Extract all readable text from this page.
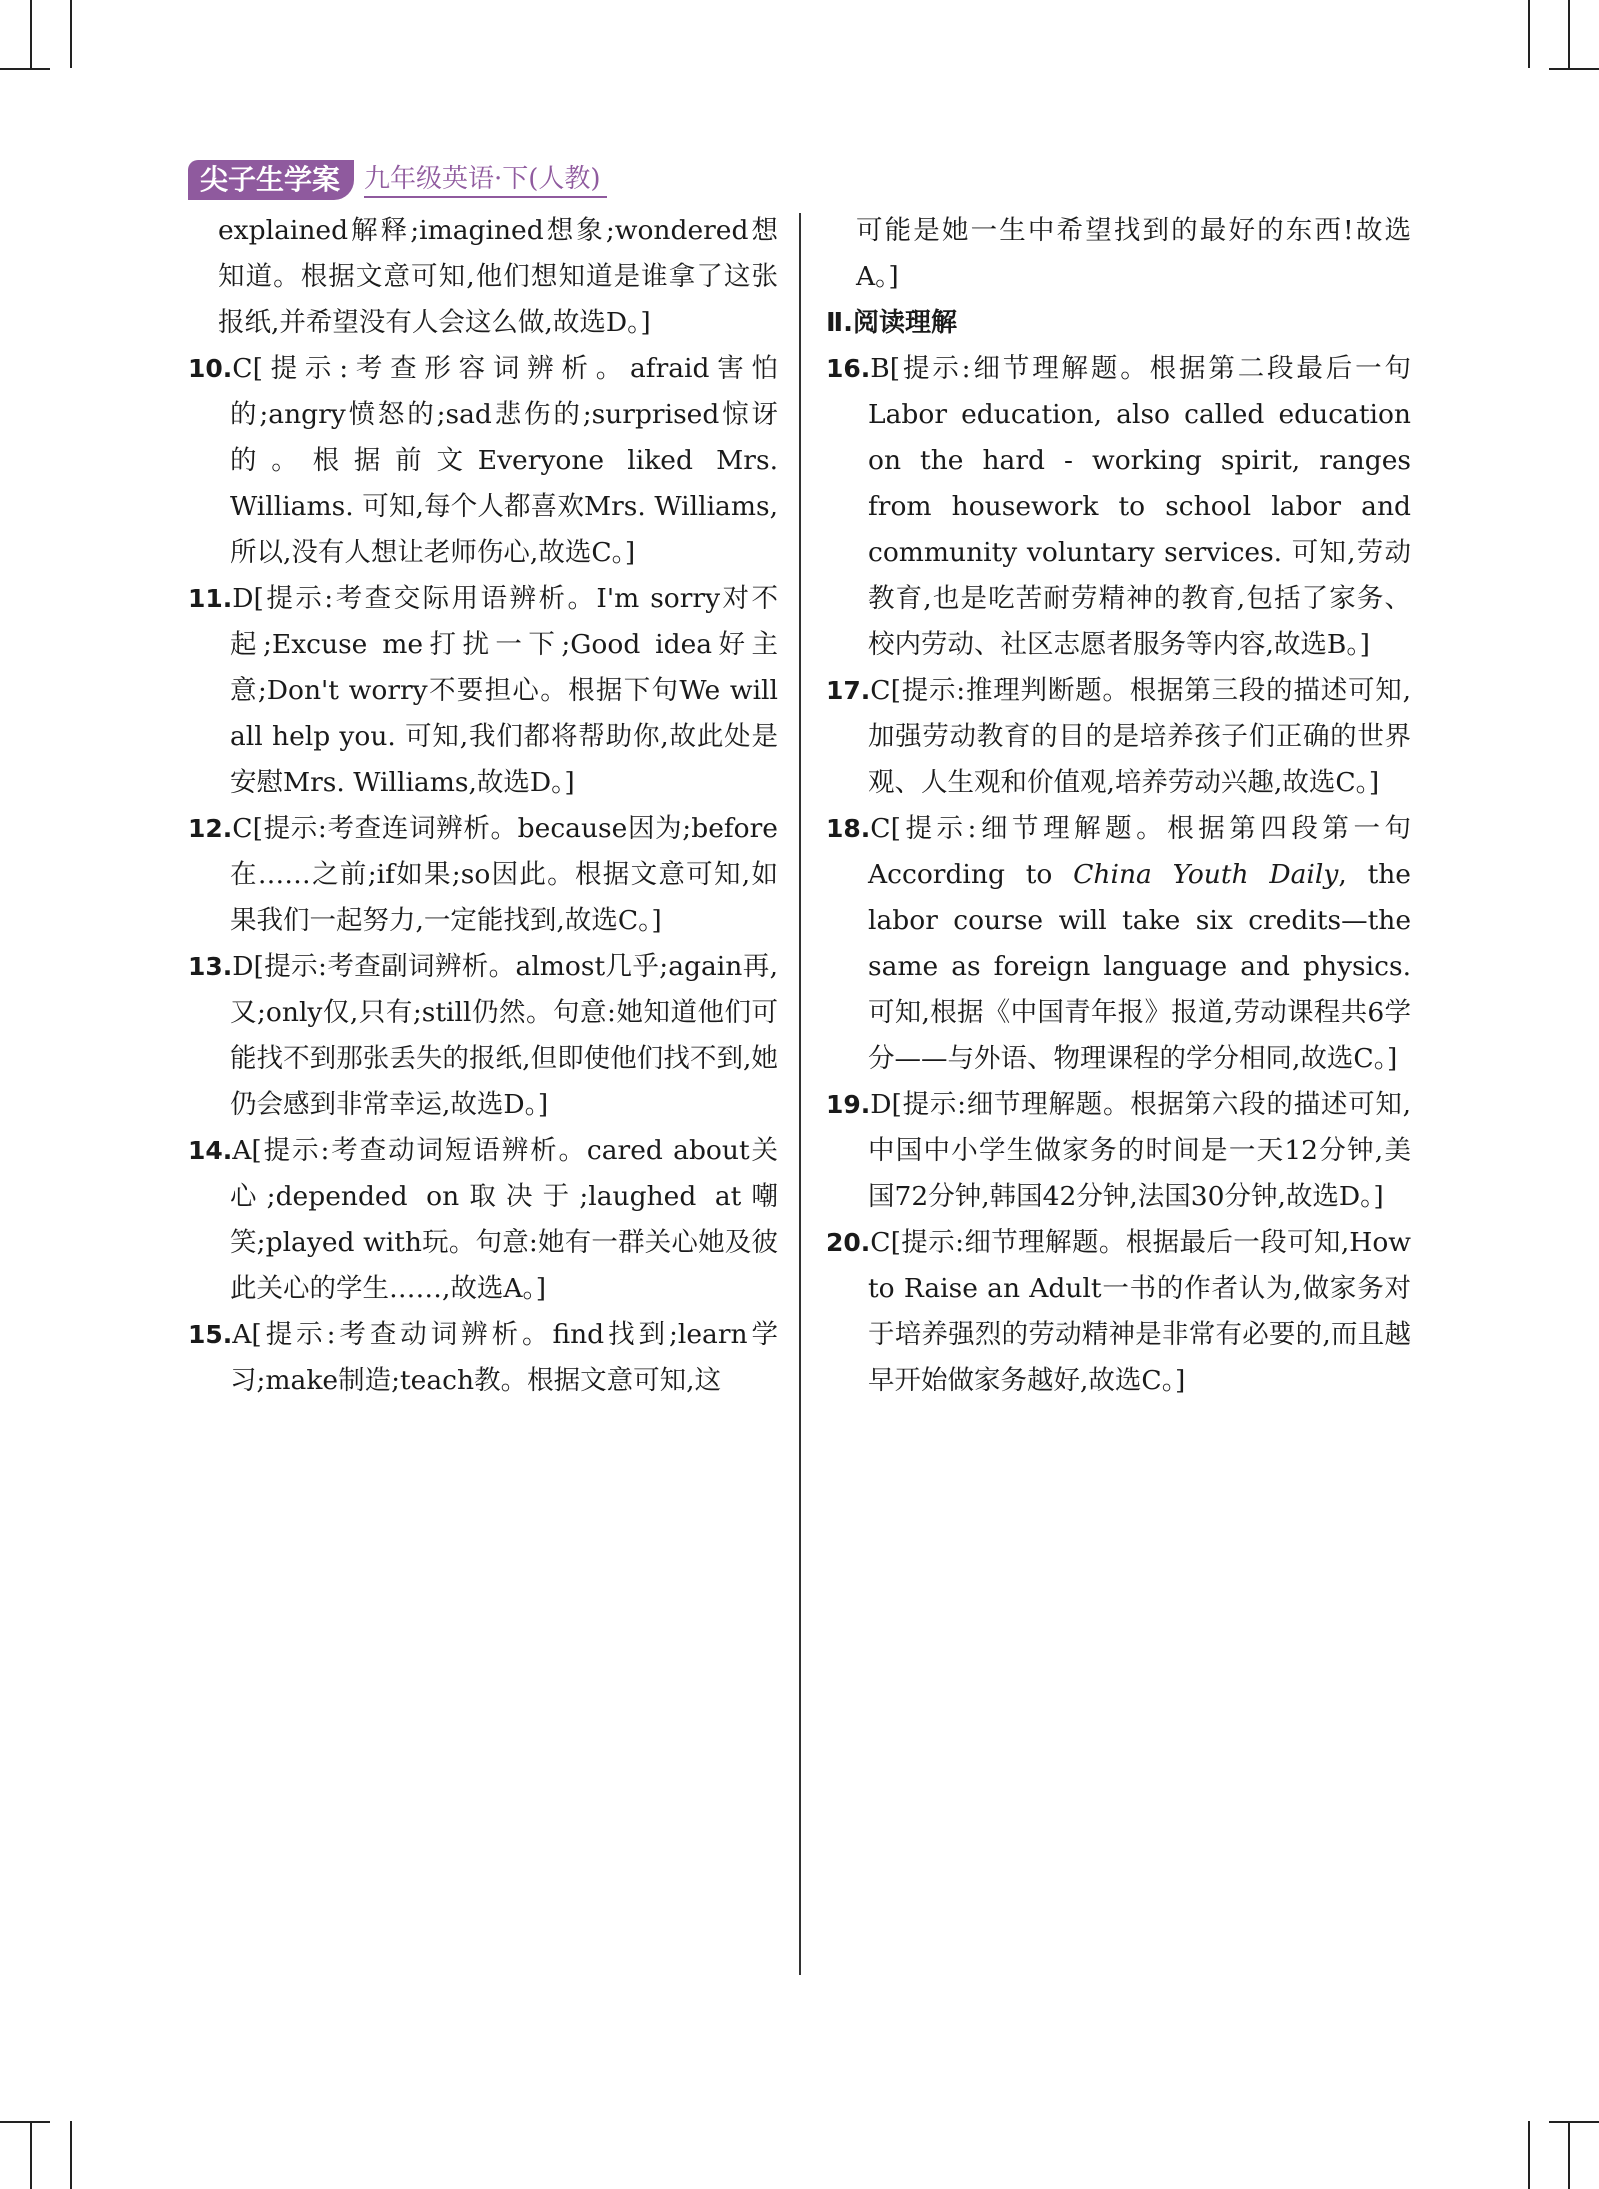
尖子生学案 九年级英语·下(人教)
explained解释;imagined想象;wondered想知道。根据文意可知,他们想知道是谁拿了这张报纸,并希望没有人会这么做,故选D。]
10.C[提示:考查形容词辨析。afraid害怕的;angry愤怒的;sad悲伤的;surprised惊讶的。根据前文Everyone liked Mrs. Williams. 可知,每个人都喜欢Mrs. Williams,所以,没有人想让老师伤心,故选C。]
11.D[提示:考查交际用语辨析。I'm sorry对不起;Excuse me打扰一下;Good idea好主意;Don't worry不要担心。根据下句We will all help you. 可知,我们都将帮助你,故此处是安慰Mrs. Williams,故选D。]
12.C[提示:考查连词辨析。because因为;before在……之前;if如果;so因此。根据文意可知,如果我们一起努力,一定能找到,故选C。]
13.D[提示:考查副词辨析。almost几乎;again再,又;only仅,只有;still仍然。句意:她知道他们可能找不到那张丢失的报纸,但即使他们找不到,她仍会感到非常幸运,故选D。]
14.A[提示:考查动词短语辨析。cared about关心;depended on取决于;laughed at嘲笑;played with玩。句意:她有一群关心她及彼此关心的学生……,故选A。]
15.A[提示:考查动词辨析。find找到;learn学习;make制造;teach教。根据文意可知,这
可能是她一生中希望找到的最好的东西!故选A。]
Ⅱ.阅读理解
16.B[提示:细节理解题。根据第二段最后一句Labor education, also called education on the hard - working spirit, ranges from housework to school labor and community voluntary services. 可知,劳动教育,也是吃苦耐劳精神的教育,包括了家务、校内劳动、社区志愿者服务等内容,故选B。]
17.C[提示:推理判断题。根据第三段的描述可知,加强劳动教育的目的是培养孩子们正确的世界观、人生观和价值观,培养劳动兴趣,故选C。]
18.C[提示:细节理解题。根据第四段第一句According to China Youth Daily, the labor course will take six credits—the same as foreign language and physics. 可知,根据《中国青年报》报道,劳动课程共6学分——与外语、物理课程的学分相同,故选C。]
19.D[提示:细节理解题。根据第六段的描述可知,中国中小学生做家务的时间是一天12分钟,美国72分钟,韩国42分钟,法国30分钟,故选D。]
20.C[提示:细节理解题。根据最后一段可知,How to Raise an Adult一书的作者认为,做家务对于培养强烈的劳动精神是非常有必要的,而且越早开始做家务越好,故选C。]
